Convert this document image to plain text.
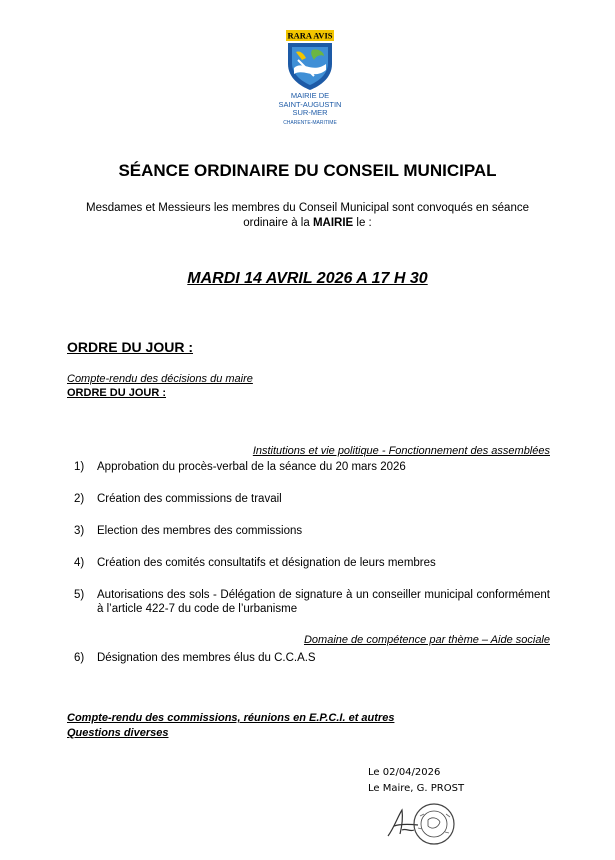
RARA AVIS
MAIRIE DE
SAINT-AUGUSTIN
SUR-MER
CHARENTE-MARITIME
SÉANCE ORDINAIRE DU CONSEIL MUNICIPAL
Mesdames et Messieurs les membres du Conseil Municipal sont convoqués en séance
ordinaire à la MAIRIE le :
MARDI 14 AVRIL 2026 A 17 H 30
ORDRE DU JOUR :
Compte-rendu des décisions du maire
ORDRE DU JOUR :
Institutions et vie politique - Fonctionnement des assemblées
1)	Approbation du procès-verbal de la séance du 20 mars 2026
2)	Création des commissions de travail
3)	Election des membres des commissions
4)	Création des comités consultatifs et désignation de leurs membres
5)	Autorisations des sols - Délégation de signature à un conseiller municipal conformément à l’article 422-7 du code de l’urbanisme
Domaine de compétence par thème – Aide sociale
6)	Désignation des membres élus du C.C.A.S
Compte-rendu des commissions, réunions en E.P.C.I. et autres
Questions diverses
Le 02/04/2026
Le Maire, G. PROST
